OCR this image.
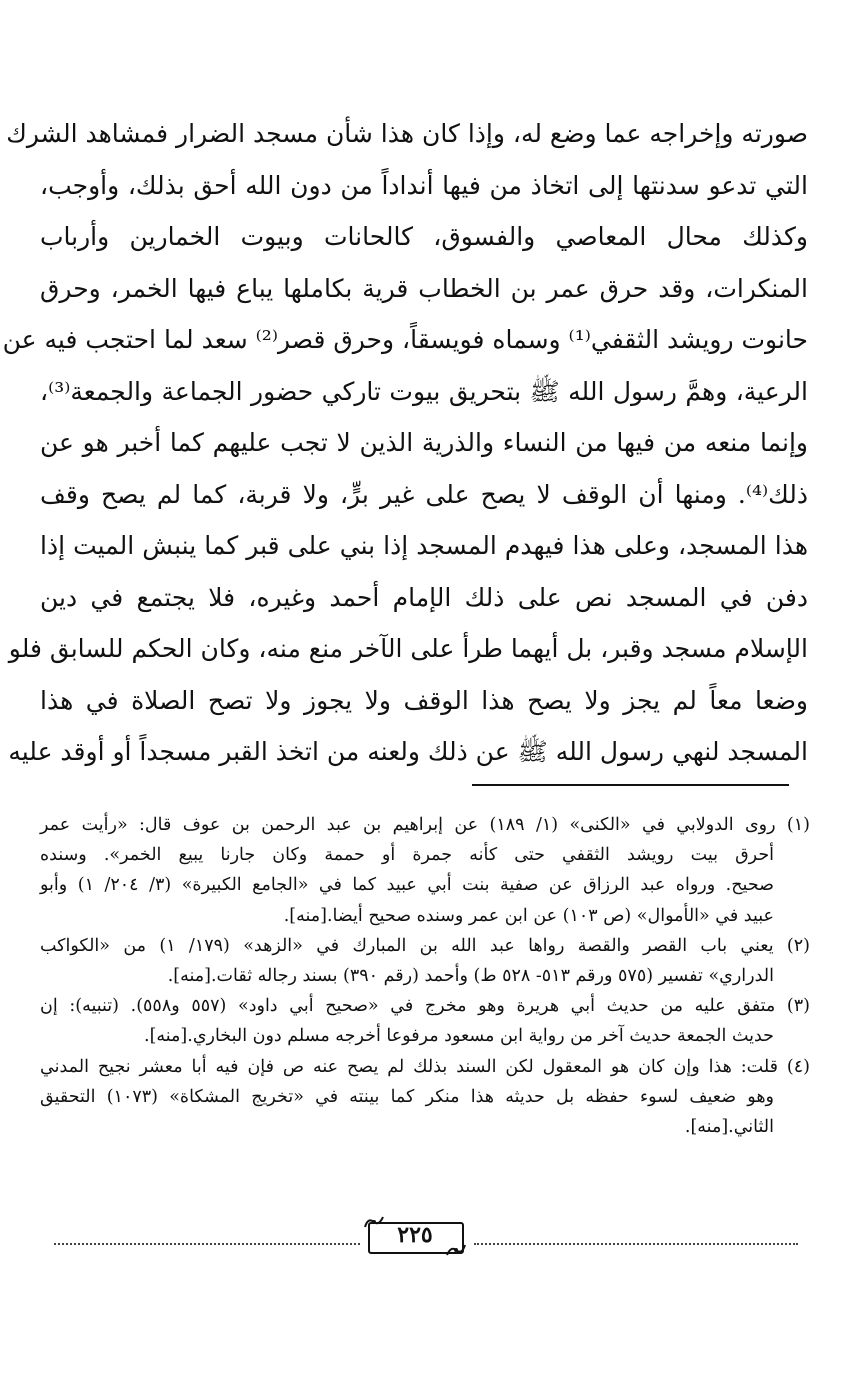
صورته وإخراجه عما وضع له، وإذا كان هذا شأن مسجد الضرار فمشاهد الشرك
التي تدعو سدنتها إلى اتخاذ من فيها أنداداً من دون الله أحق بذلك، وأوجب،
وكذلك محال المعاصي والفسوق، كالحانات وبيوت الخمارين وأرباب
المنكرات، وقد حرق عمر بن الخطاب قرية بكاملها يباع فيها الخمر، وحرق
حانوت رويشد الثقفي⁽¹⁾ وسماه فويسقاً، وحرق قصر⁽²⁾ سعد لما احتجب فيه عن
الرعية، وهمَّ رسول الله ﷺ بتحريق بيوت تاركي حضور الجماعة والجمعة⁽³⁾،
وإنما منعه من فيها من النساء والذرية الذين لا تجب عليهم كما أخبر هو عن
ذلك⁽⁴⁾. ومنها أن الوقف لا يصح على غير برٍّ، ولا قربة، كما لم يصح وقف
هذا المسجد، وعلى هذا فيهدم المسجد إذا بني على قبر كما ينبش الميت إذا
دفن في المسجد نص على ذلك الإمام أحمد وغيره، فلا يجتمع في دين
الإسلام مسجد وقبر، بل أيهما طرأ على الآخر منع منه، وكان الحكم للسابق فلو
وضعا معاً لم يجز ولا يصح هذا الوقف ولا يجوز ولا تصح الصلاة في هذا
المسجد لنهي رسول الله ﷺ عن ذلك ولعنه من اتخذ القبر مسجداً أو أوقد عليه
(١) روى الدولابي في «الكنى» (١/ ١٨٩) عن إبراهيم بن عبد الرحمن بن عوف قال: «رأيت عمر
أحرق بيت رويشد الثقفي حتى كأنه جمرة أو حممة وكان جارنا يبيع الخمر». وسنده
صحيح. ورواه عبد الرزاق عن صفية بنت أبي عبيد كما في «الجامع الكبيرة» (٣/ ٢٠٤/ ١) وأبو
عبيد في «الأموال» (ص ١٠٣) عن ابن عمر وسنده صحيح أيضا.[منه].
(٢) يعني باب القصر والقصة رواها عبد الله بن المبارك في «الزهد» (١٧٩/ ١) من «الكواكب
الدراري» تفسير (٥٧٥ ورقم ٥١٣- ٥٢٨ ط) وأحمد (رقم ٣٩٠) بسند رجاله ثقات.[منه].
(٣) متفق عليه من حديث أبي هريرة وهو مخرج في «صحيح أبي داود» (٥٥٧ و٥٥٨). (تنبيه): إن
حديث الجمعة حديث آخر من رواية ابن مسعود مرفوعا أخرجه مسلم دون البخاري.[منه].
(٤) قلت: هذا وإن كان هو المعقول لكن السند بذلك لم يصح عنه ص فإن فيه أبا معشر نجيح المدني
وهو ضعيف لسوء حفظه بل حديثه هذا منكر كما بينته في «تخريج المشكاة» (١٠٧٣) التحقيق
الثاني.[منه].
٢٢٥
